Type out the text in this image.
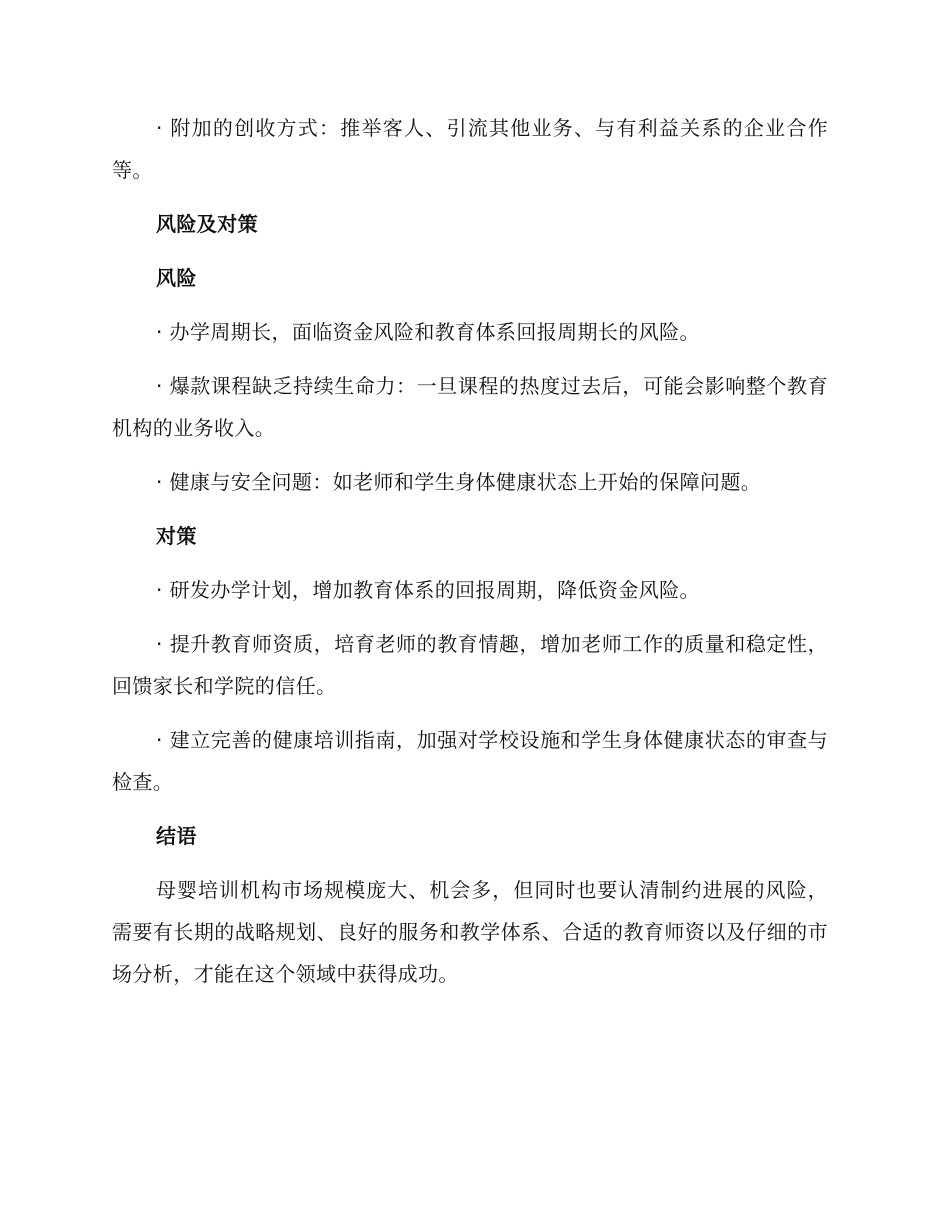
· 附加的创收方式：推举客人、引流其他业务、与有利益关系的企业合作等。

风险及对策
风险

· 办学周期长，面临资金风险和教育体系回报周期长的风险。

· 爆款课程缺乏持续生命力：一旦课程的热度过去后，可能会影响整个教育机构的业务收入。

· 健康与安全问题：如老师和学生身体健康状态上开始的保障问题。

对策

· 研发办学计划，增加教育体系的回报周期，降低资金风险。

· 提升教育师资质，培育老师的教育情趣，增加老师工作的质量和稳定性，回馈家长和学院的信任。

· 建立完善的健康培训指南，加强对学校设施和学生身体健康状态的审查与检查。

结语

母婴培训机构市场规模庞大、机会多，但同时也要认清制约进展的风险，需要有长期的战略规划、良好的服务和教学体系、合适的教育师资以及仔细的市场分析，才能在这个领域中获得成功。
